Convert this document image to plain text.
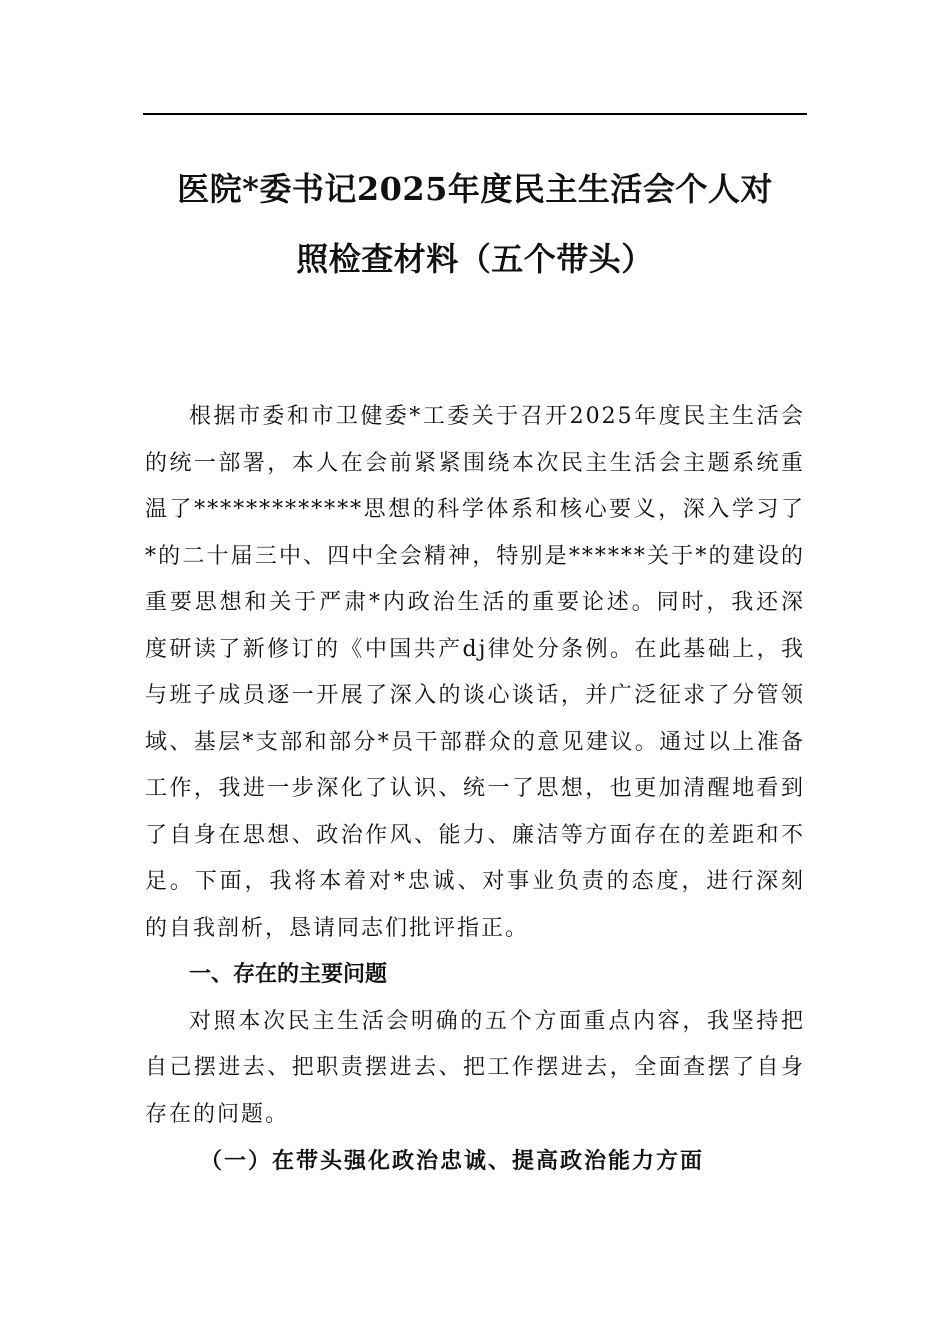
医院*委书记2025年度民主生活会个人对
照检查材料（五个带头）

根据市委和市卫健委*工委关于召开2025年度民主生活会的统一部署，本人在会前紧紧围绕本次民主生活会主题系统重温了*************思想的科学体系和核心要义，深入学习了*的二十届三中、四中全会精神，特别是******关于*的建设的重要思想和关于严肃*内政治生活的重要论述。同时，我还深度研读了新修订的《中国共产dj律处分条例。在此基础上，我与班子成员逐一开展了深入的谈心谈话，并广泛征求了分管领域、基层*支部和部分*员干部群众的意见建议。通过以上准备工作，我进一步深化了认识、统一了思想，也更加清醒地看到了自身在思想、政治作风、能力、廉洁等方面存在的差距和不足。下面，我将本着对*忠诚、对事业负责的态度，进行深刻的自我剖析，恳请同志们批评指正。

一、存在的主要问题

对照本次民主生活会明确的五个方面重点内容，我坚持把自己摆进去、把职责摆进去、把工作摆进去，全面查摆了自身存在的问题。

（一）在带头强化政治忠诚、提高政治能力方面
